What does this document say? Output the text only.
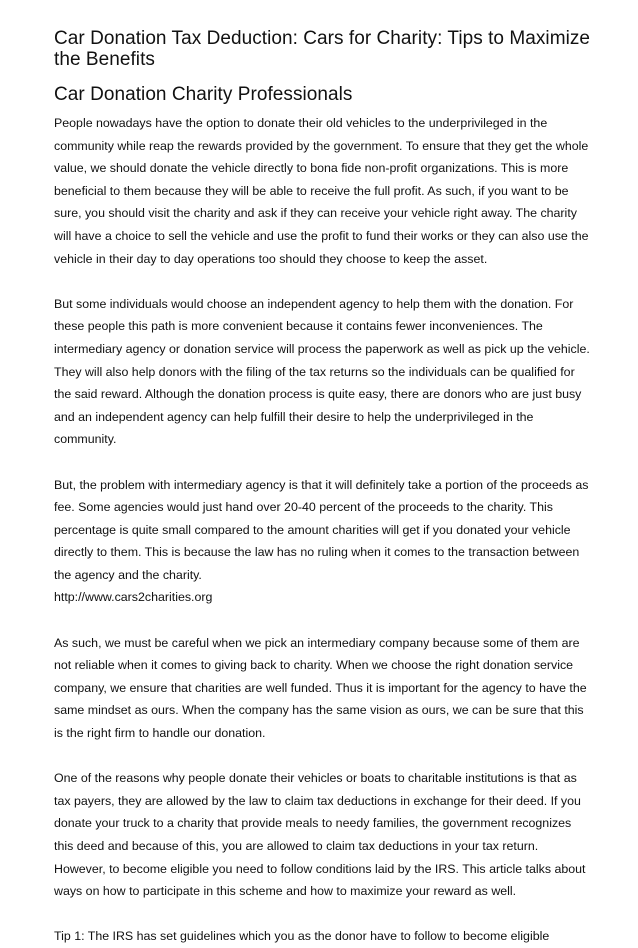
Car Donation Tax Deduction: Cars for Charity: Tips to Maximize the Benefits
Car Donation Charity Professionals

People nowadays have the option to donate their old vehicles to the underprivileged in the community while reap the rewards provided by the government. To ensure that they get the whole value, we should donate the vehicle directly to bona fide non-profit organizations. This is more beneficial to them because they will be able to receive the full profit. As such, if you want to be sure, you should visit the charity and ask if they can receive your vehicle right away. The charity will have a choice to sell the vehicle and use the profit to fund their works or they can also use the vehicle in their day to day operations too should they choose to keep the asset.

But some individuals would choose an independent agency to help them with the donation. For these people this path is more convenient because it contains fewer inconveniences. The intermediary agency or donation service will process the paperwork as well as pick up the vehicle. They will also help donors with the filing of the tax returns so the individuals can be qualified for the said reward. Although the donation process is quite easy, there are donors who are just busy and an independent agency can help fulfill their desire to help the underprivileged in the community.

But, the problem with intermediary agency is that it will definitely take a portion of the proceeds as fee. Some agencies would just hand over 20-40 percent of the proceeds to the charity. This percentage is quite small compared to the amount charities will get if you donated your vehicle directly to them. This is because the law has no ruling when it comes to the transaction between the agency and the charity.

http://www.cars2charities.org

As such, we must be careful when we pick an intermediary company because some of them are not reliable when it comes to giving back to charity. When we choose the right donation service company, we ensure that charities are well funded. Thus it is important for the agency to have the same mindset as ours. When the company has the same vision as ours, we can be sure that this is the right firm to handle our donation.

One of the reasons why people donate their vehicles or boats to charitable institutions is that as tax payers, they are allowed by the law to claim tax deductions in exchange for their deed. If you donate your truck to a charity that provide meals to needy families, the government recognizes this deed and because of this, you are allowed to claim tax deductions in your tax return. However, to become eligible you need to follow conditions laid by the IRS. This article talks about ways on how to participate in this scheme and how to maximize your reward as well.

Tip 1: The IRS has set guidelines which you as the donor have to follow to become eligible
